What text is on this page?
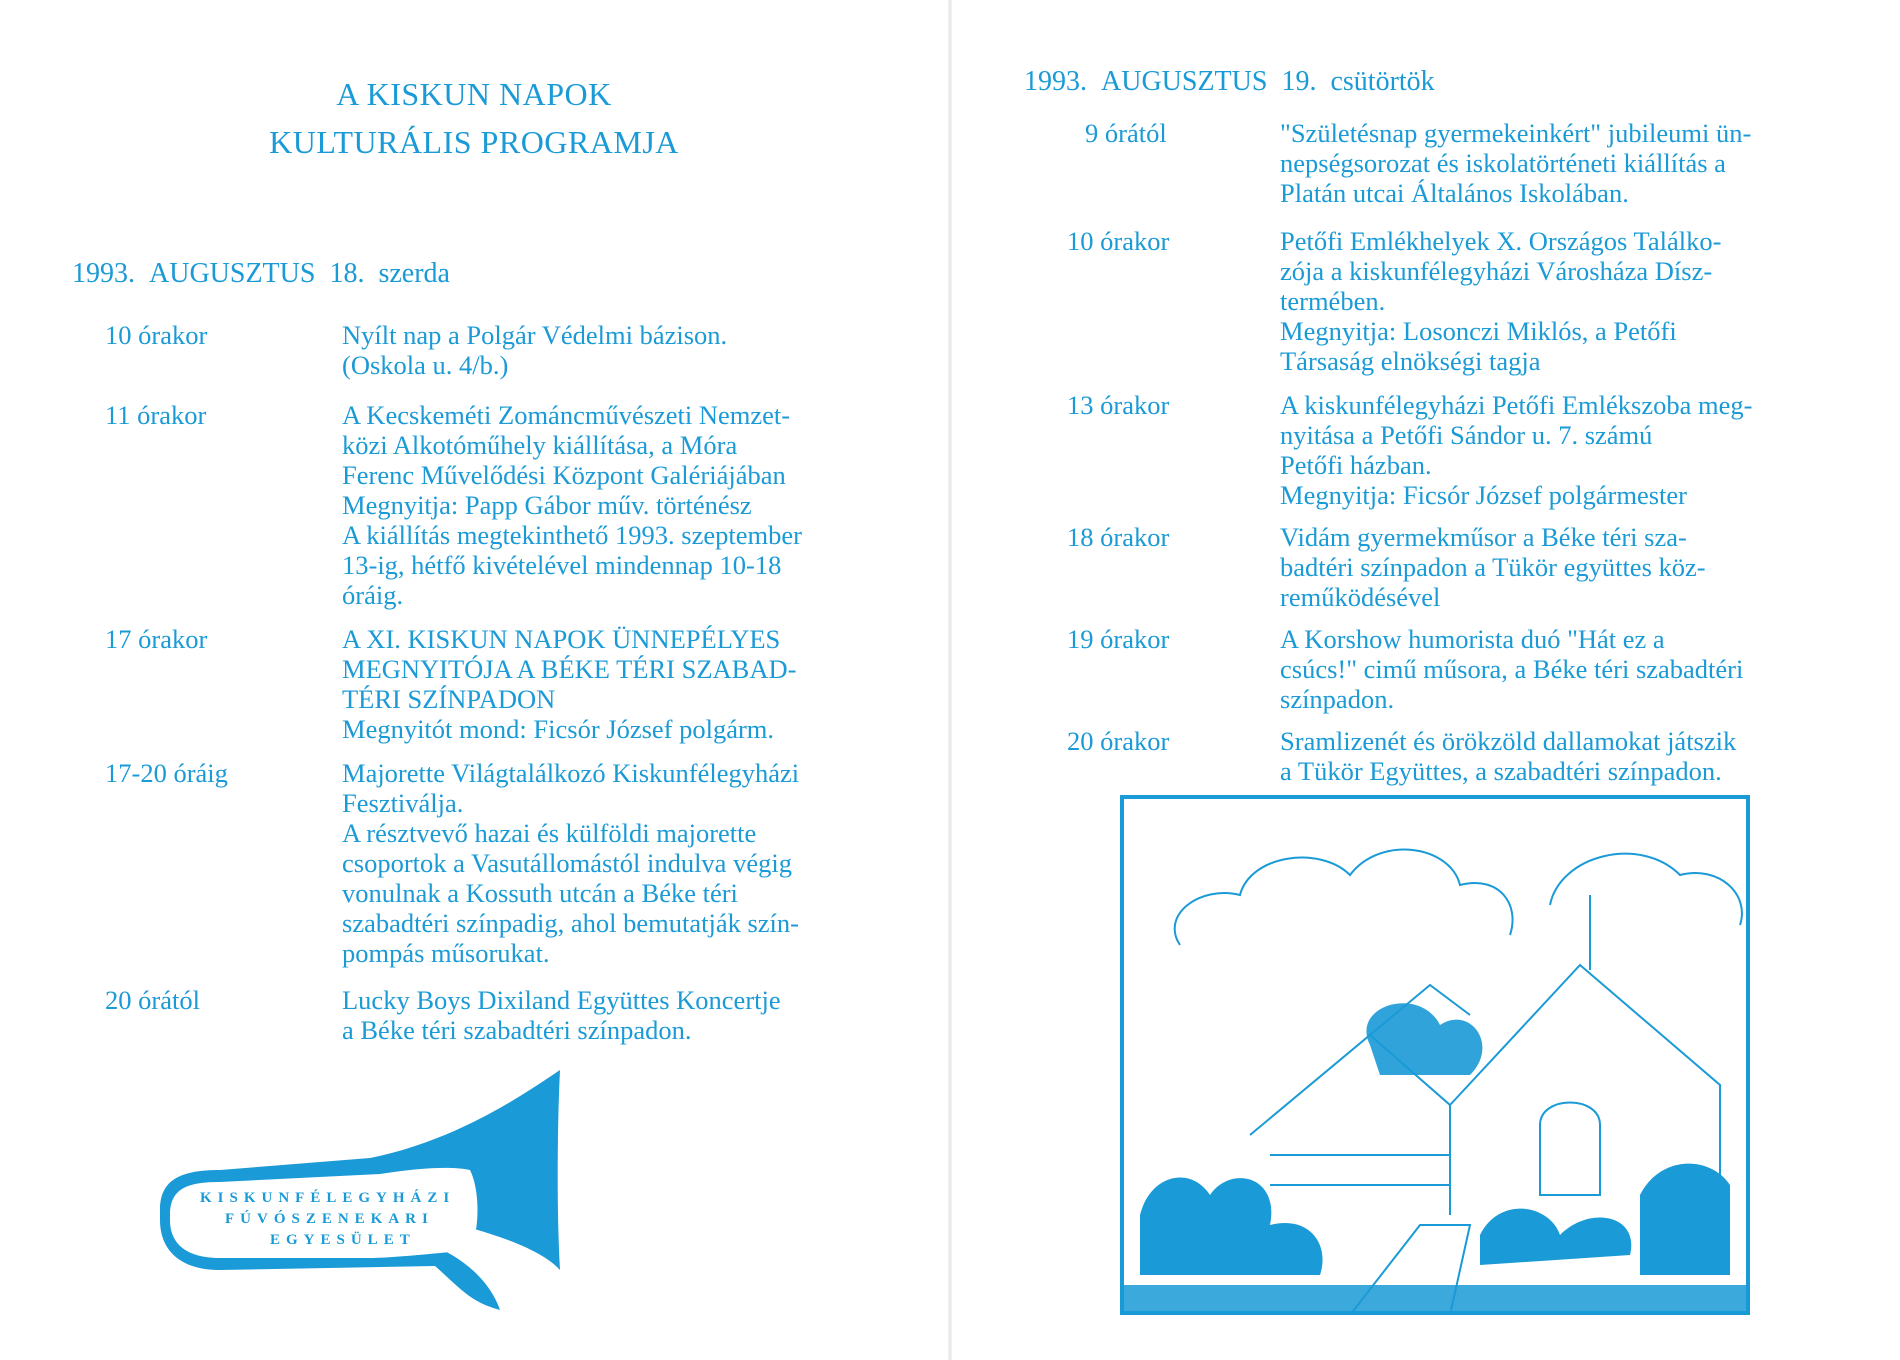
A KISKUN NAPOK
KULTURÁLIS PROGRAMJA
1993. AUGUSZTUS 18. szerda
10 órakor	Nyílt nap a Polgár Védelmi bázison.
(Oskola u. 4/b.)
11 órakor	A Kecskeméti Zománcművészeti Nemzet-
közi Alkotóműhely kiállítása, a Móra
Ferenc Művelődési Központ Galériájában
Megnyitja: Papp Gábor műv. történész
A kiállítás megtekinthető 1993. szeptember
13-ig, hétfő kivételével mindennap 10-18
óráig.
17 órakor	A XI. KISKUN NAPOK ÜNNEPÉLYES
MEGNYITÓJA A BÉKE TÉRI SZABAD-
TÉRI SZÍNPADON
Megnyitót mond: Ficsór József polgárm.
17-20 óráig	Majorette Világtalálkozó Kiskunfélegyházi
Fesztiválja.
A résztvevő hazai és külföldi majorette
csoportok a Vasutállomástól indulva végig
vonulnak a Kossuth utcán a Béke téri
szabadtéri színpadig, ahol bemutatják szín-
pompás műsorukat.
20 órától	Lucky Boys Dixiland Együttes Koncertje
a Béke téri szabadtéri színpadon.
KISKUNFÉLEGYHÁZI
FÚVÓSZENEKARI
EGYESÜLET
1993. AUGUSZTUS 19. csütörtök
9 órától	"Születésnap gyermekeinkért" jubileumi ün-
nepségsorozat és iskolatörténeti kiállítás a
Platán utcai Általános Iskolában.
10 órakor	Petőfi Emlékhelyek X. Országos Találko-
zója a kiskunfélegyházi Városháza Dísz-
termében.
Megnyitja: Losonczi Miklós, a Petőfi
Társaság elnökségi tagja
13 órakor	A kiskunfélegyházi Petőfi Emlékszoba meg-
nyitása a Petőfi Sándor u. 7. számú
Petőfi házban.
Megnyitja: Ficsór József polgármester
18 órakor	Vidám gyermekműsor a Béke téri sza-
badtéri színpadon a Tükör együttes köz-
reműködésével
19 órakor	A Korshow humorista duó "Hát ez a
csúcs!" cimű műsora, a Béke téri szabadtéri
színpadon.
20 órakor	Sramlizenét és örökzöld dallamokat játszik
a Tükör Együttes, a szabadtéri színpadon.
